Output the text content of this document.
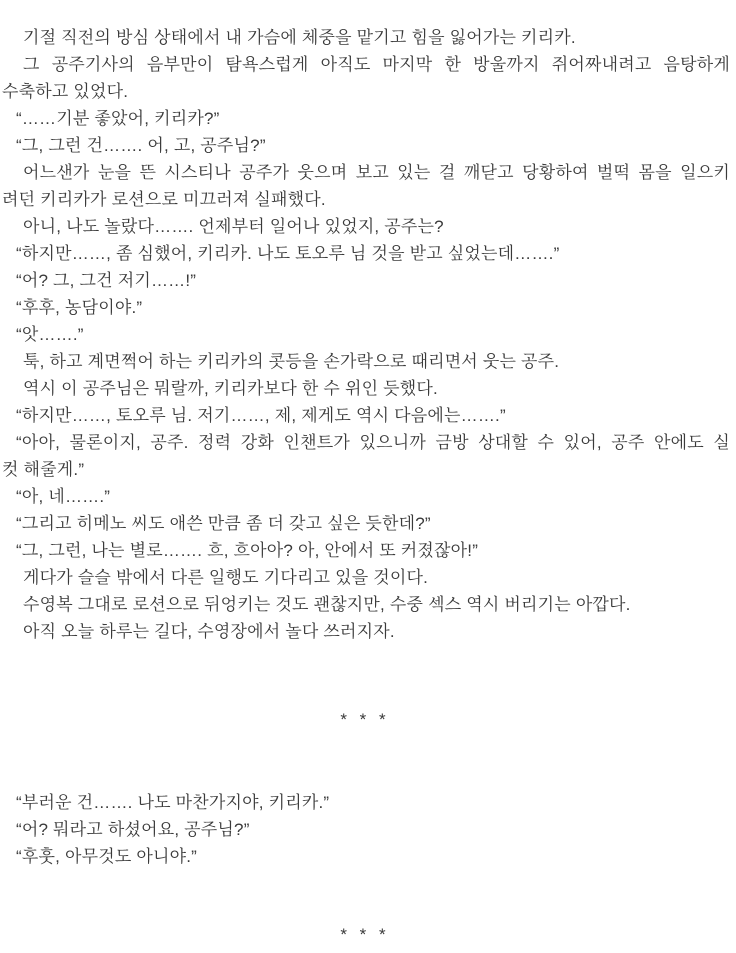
기절 직전의 방심 상태에서 내 가슴에 체중을 맡기고 힘을 잃어가는 키리카.
그 공주기사의 음부만이 탐욕스럽게 아직도 마지막 한 방울까지 쥐어짜내려고 음탕하게
수축하고 있었다.
“……기분 좋았어, 키리카?”
“그, 그런 건……. 어, 고, 공주님?”
어느샌가 눈을 뜬 시스티나 공주가 웃으며 보고 있는 걸 깨닫고 당황하여 벌떡 몸을 일으키
려던 키리카가 로션으로 미끄러져 실패했다.
아니, 나도 놀랐다……. 언제부터 일어나 있었지, 공주는?
“하지만……, 좀 심했어, 키리카. 나도 토오루 님 것을 받고 싶었는데…….”
“어? 그, 그건 저기……!”
“후후, 농담이야.”
“앗…….”
툭, 하고 계면쩍어 하는 키리카의 콧등을 손가락으로 때리면서 웃는 공주.
역시 이 공주님은 뭐랄까, 키리카보다 한 수 위인 듯했다.
“하지만……, 토오루 님. 저기……, 제, 제게도 역시 다음에는…….”
“아아, 물론이지, 공주. 정력 강화 인챈트가 있으니까 금방 상대할 수 있어, 공주 안에도 실
컷 해줄게.”
“아, 네…….”
“그리고 히메노 씨도 애쓴 만큼 좀 더 갖고 싶은 듯한데?”
“그, 그런, 나는 별로……. 흐, 흐아아? 아, 안에서 또 커졌잖아!”
게다가 슬슬 밖에서 다른 일행도 기다리고 있을 것이다.
수영복 그대로 로션으로 뒤엉키는 것도 괜찮지만, 수중 섹스 역시 버리기는 아깝다.
아직 오늘 하루는 길다, 수영장에서 놀다 쓰러지자.
* * *
“부러운 건……. 나도 마찬가지야, 키리카.”
“어? 뭐라고 하셨어요, 공주님?”
“후훗, 아무것도 아니야.”
* * *
